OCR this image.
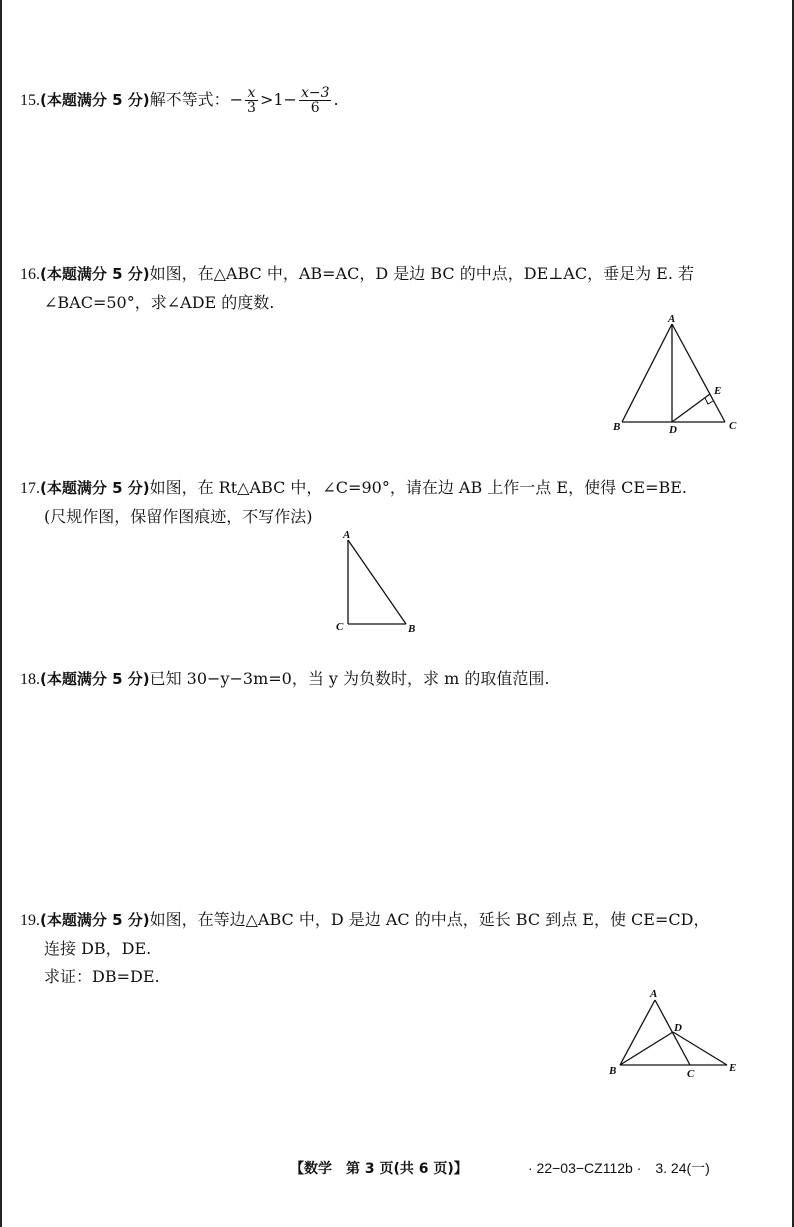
15.(本题满分 5 分)解不等式：− $\frac{x}{3} >1- \frac{x-3}{6}$ .
16.(本题满分 5 分)如图，在△ABC 中，AB=AC，D 是边 BC 的中点，DE⊥AC，垂足为 E. 若
∠BAC=50°，求∠ADE 的度数.
A
B	C
D
E
17.(本题满分 5 分)如图，在 Rt△ABC 中，∠C=90°，请在边 AB 上作一点 E，使得 CE=BE.
(尺规作图，保留作图痕迹，不写作法)
A
C	B
18.(本题满分 5 分)已知 30−y−3m=0，当 y 为负数时，求 m 的取值范围.
19.(本题满分 5 分)如图，在等边△ABC 中，D 是边 AC 的中点，延长 BC 到点 E，使 CE=CD，
连接 DB，DE.
求证：DB=DE.
A
D
B	C	E
【数学　第 3 页(共 6 页)】	· 22−03−CZ112b ·　3. 24(一)
